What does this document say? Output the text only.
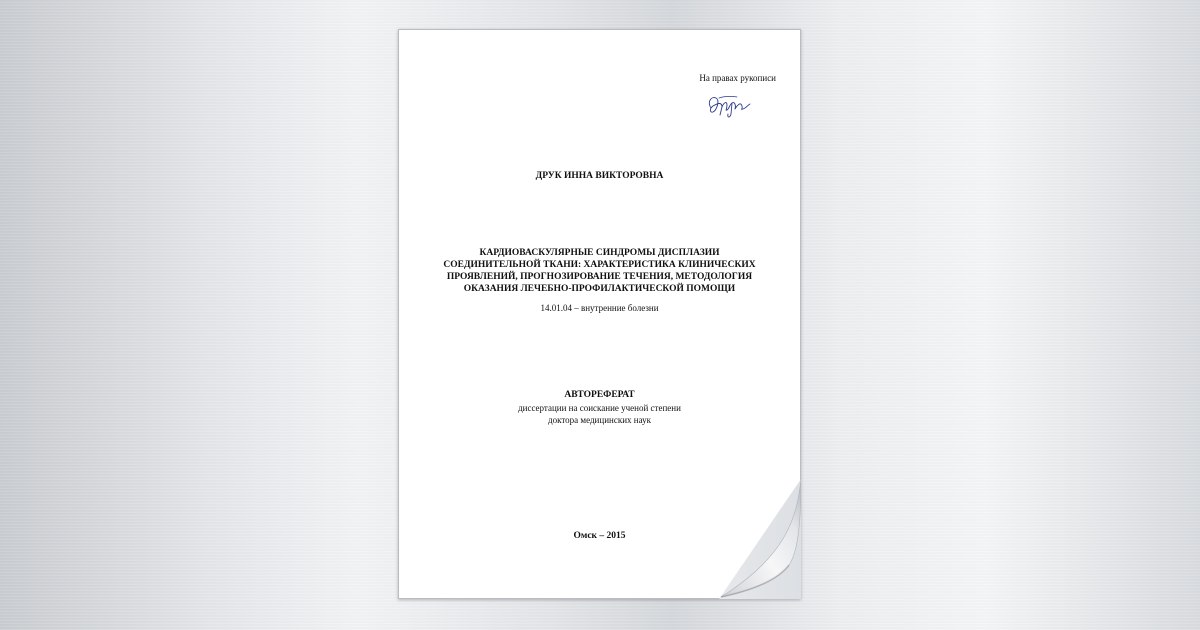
На правах рукописи
ДРУК ИННА ВИКТОРОВНА
КАРДИОВАСКУЛЯРНЫЕ СИНДРОМЫ ДИСПЛАЗИИ
СОЕДИНИТЕЛЬНОЙ ТКАНИ: ХАРАКТЕРИСТИКА КЛИНИЧЕСКИХ
ПРОЯВЛЕНИЙ, ПРОГНОЗИРОВАНИЕ ТЕЧЕНИЯ, МЕТОДОЛОГИЯ
ОКАЗАНИЯ ЛЕЧЕБНО-ПРОФИЛАКТИЧЕСКОЙ ПОМОЩИ
14.01.04 – внутренние болезни
АВТОРЕФЕРАТ
диссертации на соискание ученой степени
доктора медицинских наук
Омск – 2015
